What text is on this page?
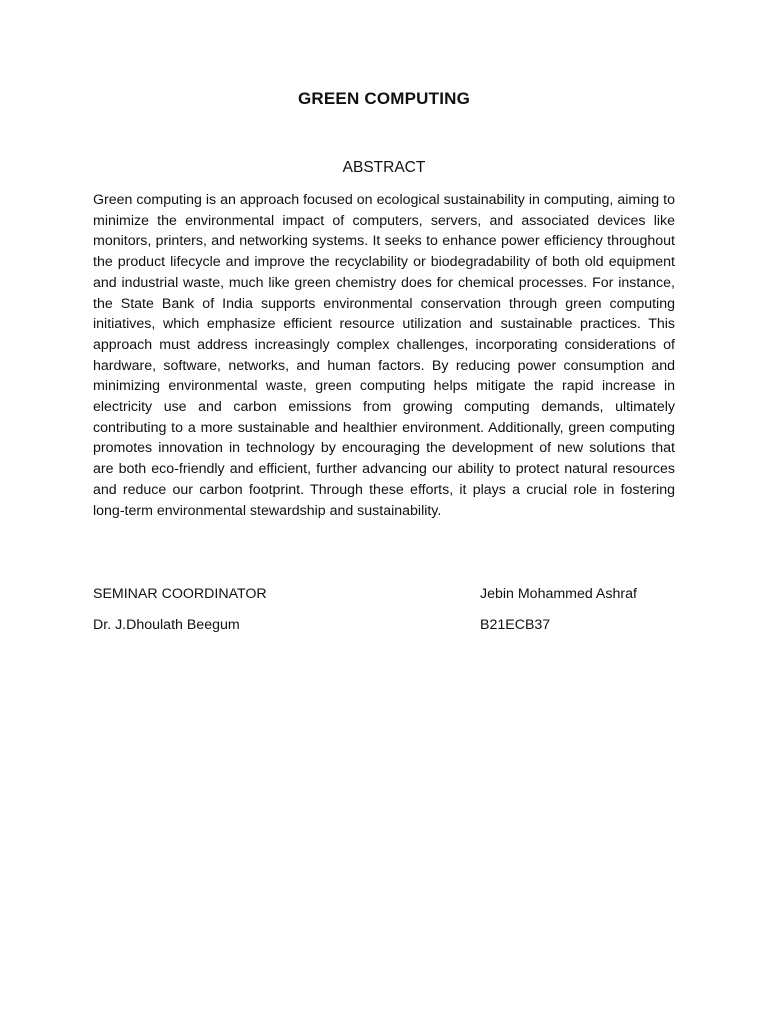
GREEN COMPUTING
ABSTRACT

Green computing is an approach focused on ecological sustainability in computing, aiming to minimize the environmental impact of computers, servers, and associated devices like monitors, printers, and networking systems. It seeks to enhance power efficiency throughout the product lifecycle and improve the recyclability or biodegradability of both old equipment and industrial waste, much like green chemistry does for chemical processes. For instance, the State Bank of India supports environmental conservation through green computing initiatives, which emphasize efficient resource utilization and sustainable practices. This approach must address increasingly complex challenges, incorporating considerations of hardware, software, networks, and human factors. By reducing power consumption and minimizing environmental waste, green computing helps mitigate the rapid increase in electricity use and carbon emissions from growing computing demands, ultimately contributing to a more sustainable and healthier environment. Additionally, green computing promotes innovation in technology by encouraging the development of new solutions that are both eco-friendly and efficient, further advancing our ability to protect natural resources and reduce our carbon footprint. Through these efforts, it plays a crucial role in fostering long-term environmental stewardship and sustainability.

SEMINAR COORDINATOR
Dr. J.Dhoulath Beegum
Jebin Mohammed Ashraf
B21ECB37
